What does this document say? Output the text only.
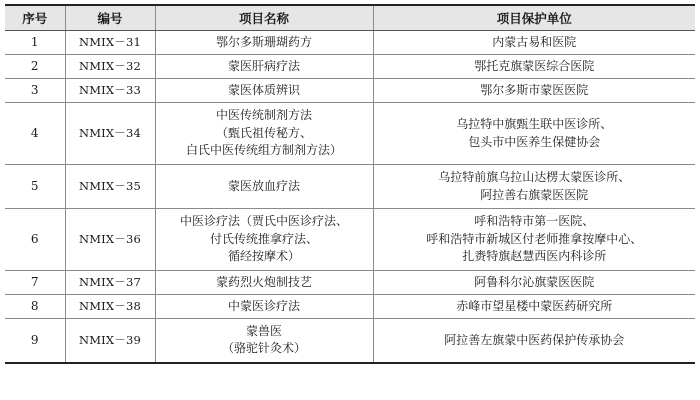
序号	编号	项目名称	项目保护单位
1	NMIX－31	鄂尔多斯珊瑚药方	内蒙古易和医院

2	NMIX－32	蒙医肝病疗法	鄂托克旗蒙医综合医院

3	NMIX－33	蒙医体质辨识	鄂尔多斯市蒙医医院

4	NMIX－34	中医传统制剂方法
（甄氏祖传秘方、
白氏中医传统组方制剂方法）	乌拉特中旗甄生联中医诊所、
包头市中医养生保健协会

5	NMIX－35	蒙医放血疗法	乌拉特前旗乌拉山达楞太蒙医诊所、
阿拉善右旗蒙医医院

6	NMIX－36	中医诊疗法（贾氏中医诊疗法、
付氏传统推拿疗法、
循经按摩术）	呼和浩特市第一医院、
呼和浩特市新城区付老师推拿按摩中心、
扎赉特旗赵慧西医内科诊所

7	NMIX－37	蒙药烈火炮制技艺	阿鲁科尔沁旗蒙医医院

8	NMIX－38	中蒙医诊疗法	赤峰市望星楼中蒙医药研究所

9	NMIX－39	蒙兽医
（骆驼针灸术）	阿拉善左旗蒙中医药保护传承协会
